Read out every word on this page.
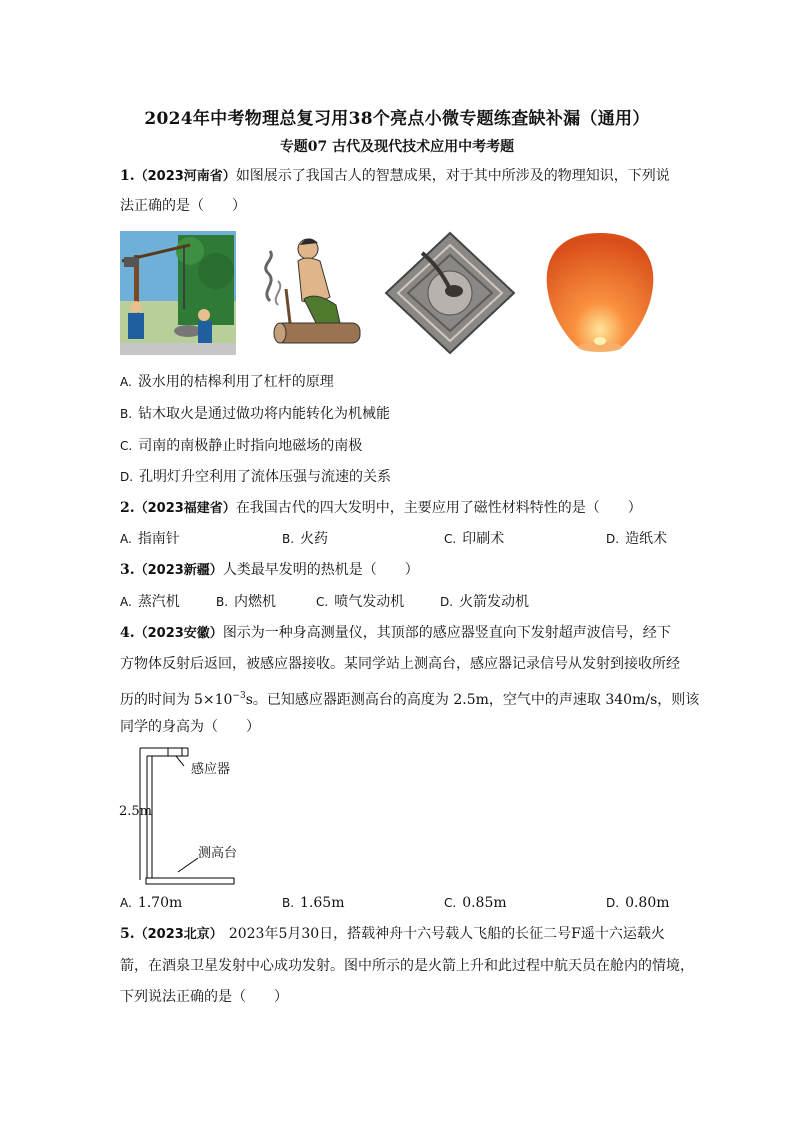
2024年中考物理总复习用38个亮点小微专题练查缺补漏（通用）
专题07 古代及现代技术应用中考考题
1.（2023河南省）如图展示了我国古人的智慧成果，对于其中所涉及的物理知识，下列说
法正确的是（　　）
A. 汲水用的桔槔利用了杠杆的原理
B. 钻木取火是通过做功将内能转化为机械能
C. 司南的南极静止时指向地磁场的南极
D. 孔明灯升空利用了流体压强与流速的关系
2.（2023福建省）在我国古代的四大发明中，主要应用了磁性材料特性的是（　　）
A. 指南针	B. 火药	C. 印刷术	D. 造纸术
3.（2023新疆）人类最早发明的热机是（　　）
A. 蒸汽机	B. 内燃机	C. 喷气发动机	D. 火箭发动机
4.（2023安徽）图示为一种身高测量仪，其顶部的感应器竖直向下发射超声波信号，经下
方物体反射后返回，被感应器接收。某同学站上测高台，感应器记录信号从发射到接收所经
历的时间为 $5\times 10^{-3}s$。已知感应器距测高台的高度为 2.5m，空气中的声速取 340m/s，则该
同学的身高为（　　）
感应器
2.5m
测高台
A. 1.70m	B. 1.65m	C. 0.85m	D. 0.80m
5.（2023北京） 2023年5月30日，搭载神舟十六号载人飞船的长征二号F遥十六运载火
箭，在酒泉卫星发射中心成功发射。图中所示的是火箭上升和此过程中航天员在舱内的情境，
下列说法正确的是（　　）
